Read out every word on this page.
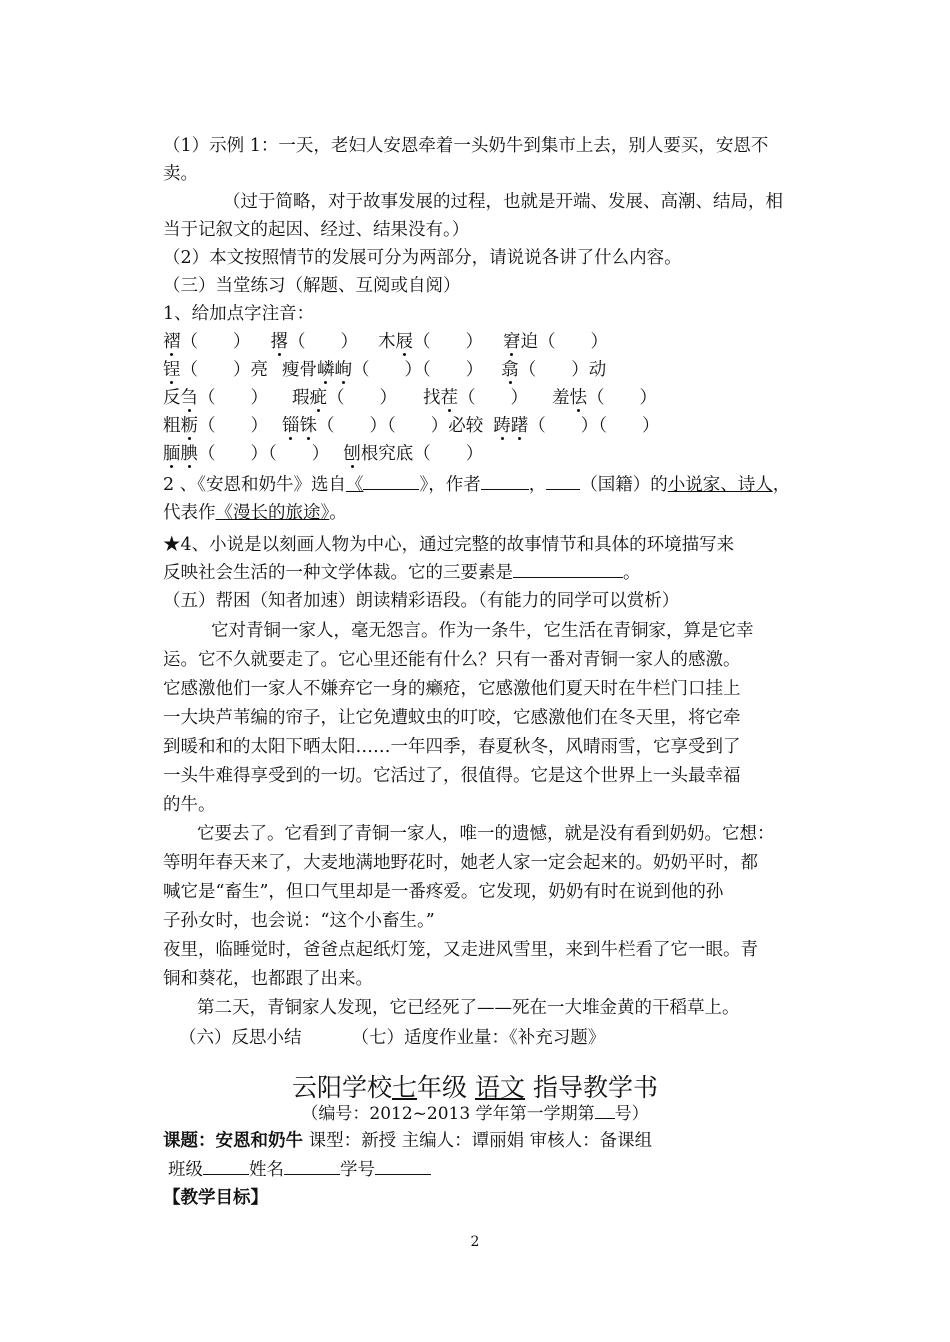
（1）示例 1：一天，老妇人安恩牵着一头奶牛到集市上去，别人要买，安恩不
卖。
（过于简略，对于故事发展的过程，也就是开端、发展、高潮、结局，相
当于记叙文的起因、经过、结果没有。）
（2）本文按照情节的发展可分为两部分，请说说各讲了什么内容。
（三）当堂练习（解题、互阅或自阅）
1、给加点字注音：
褶（　　） 撂（　　） 木屐（　　） 窘迫（　　）
锃（　　）亮 瘦骨嶙峋（　　）（　　） 翕（　　）动
反刍（　　） 瑕疵（　　） 找茬（　　） 羞怯（　　）
粗粝（　　） 锱铢（　　）（　　）必较 踌躇（　　）（　　）
腼腆（　　）（　　） 刨根究底（　　）
2 、《安恩和奶牛》选自《	》，作者	， （国籍）的小说家、诗人，
代表作《漫长的旅途》。
★4、小说是以刻画人物为中心，通过完整的故事情节和具体的环境描写来
反映社会生活的一种文学体裁。它的三要素是	。
（五）帮困（知者加速）朗读精彩语段。（有能力的同学可以赏析）
它对青铜一家人，毫无怨言。作为一条牛，它生活在青铜家，算是它幸
运。它不久就要走了。它心里还能有什么？只有一番对青铜一家人的感激。
它感激他们一家人不嫌弃它一身的癞疮，它感激他们夏天时在牛栏门口挂上
一大块芦苇编的帘子，让它免遭蚊虫的叮咬，它感激他们在冬天里，将它牵
到暖和和的太阳下晒太阳……一年四季，春夏秋冬，风晴雨雪，它享受到了
一头牛难得享受到的一切。它活过了，很值得。它是这个世界上一头最幸福
的牛。
它要去了。它看到了青铜一家人，唯一的遗憾，就是没有看到奶奶。它想：
等明年春天来了，大麦地满地野花时，她老人家一定会起来的。奶奶平时，都
喊它是“畜生”，但口气里却是一番疼爱。它发现，奶奶有时在说到他的孙
子孙女时，也会说：“这个小畜生。”
夜里，临睡觉时，爸爸点起纸灯笼，又走进风雪里，来到牛栏看了它一眼。青
铜和葵花，也都跟了出来。
第二天，青铜家人发现，它已经死了——死在一大堆金黄的干稻草上。
（六）反思小结	（七）适度作业量：《补充习题》
云阳学校七年级 语文 指导教学书
（编号：2012~2013 学年第一学期第 号）
课题：安恩和奶牛 课型：新授 主编人：谭丽娟 审核人：备课组
班级	姓名	学号
【教学目标】
2
